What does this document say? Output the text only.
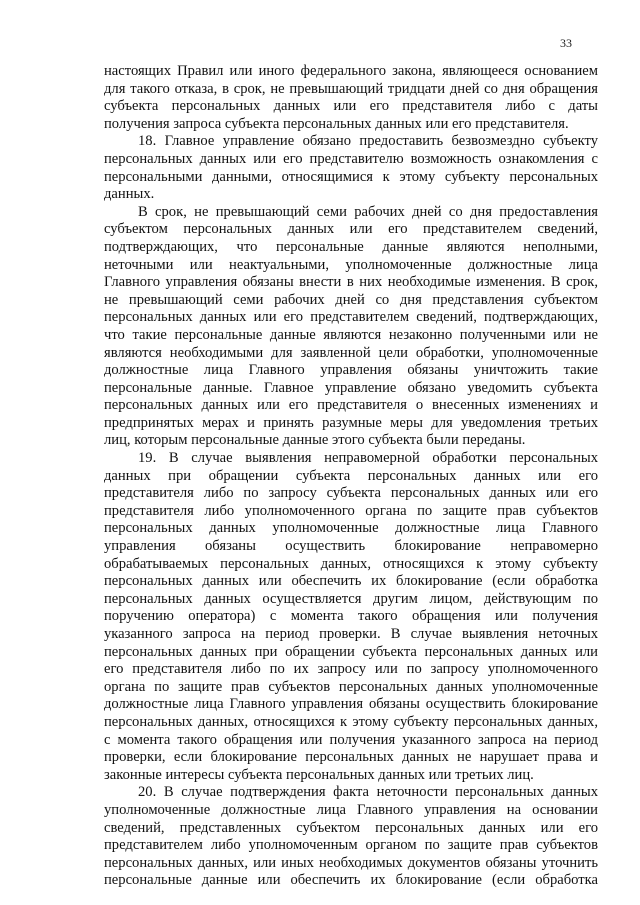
33
настоящих Правил или иного федерального закона, являющееся основанием
для такого отказа, в срок, не превышающий тридцати дней со дня обращения
субъекта персональных данных или его представителя либо с даты
получения запроса субъекта персональных данных или его представителя.
18. Главное управление обязано предоставить безвозмездно субъекту
персональных данных или его представителю возможность ознакомления с
персональными данными, относящимися к этому субъекту персональных
данных.
В срок, не превышающий семи рабочих дней со дня предоставления
субъектом персональных данных или его представителем сведений,
подтверждающих, что персональные данные являются неполными,
неточными или неактуальными, уполномоченные должностные лица
Главного управления обязаны внести в них необходимые изменения. В срок,
не превышающий семи рабочих дней со дня представления субъектом
персональных данных или его представителем сведений, подтверждающих,
что такие персональные данные являются незаконно полученными или не
являются необходимыми для заявленной цели обработки, уполномоченные
должностные лица Главного управления обязаны уничтожить такие
персональные данные. Главное управление обязано уведомить субъекта
персональных данных или его представителя о внесенных изменениях и
предпринятых мерах и принять разумные меры для уведомления третьих
лиц, которым персональные данные этого субъекта были переданы.
19. В случае выявления неправомерной обработки персональных
данных при обращении субъекта персональных данных или его
представителя либо по запросу субъекта персональных данных или его
представителя либо уполномоченного органа по защите прав субъектов
персональных данных уполномоченные должностные лица Главного
управления обязаны осуществить блокирование неправомерно
обрабатываемых персональных данных, относящихся к этому субъекту
персональных данных или обеспечить их блокирование (если обработка
персональных данных осуществляется другим лицом, действующим по
поручению оператора) с момента такого обращения или получения
указанного запроса на период проверки. В случае выявления неточных
персональных данных при обращении субъекта персональных данных или
его представителя либо по их запросу или по запросу уполномоченного
органа по защите прав субъектов персональных данных уполномоченные
должностные лица Главного управления обязаны осуществить блокирование
персональных данных, относящихся к этому субъекту персональных данных,
с момента такого обращения или получения указанного запроса на период
проверки, если блокирование персональных данных не нарушает права и
законные интересы субъекта персональных данных или третьих лиц.
20. В случае подтверждения факта неточности персональных данных
уполномоченные должностные лица Главного управления на основании
сведений, представленных субъектом персональных данных или его
представителем либо уполномоченным органом по защите прав субъектов
персональных данных, или иных необходимых документов обязаны уточнить
персональные данные или обеспечить их блокирование (если обработка
